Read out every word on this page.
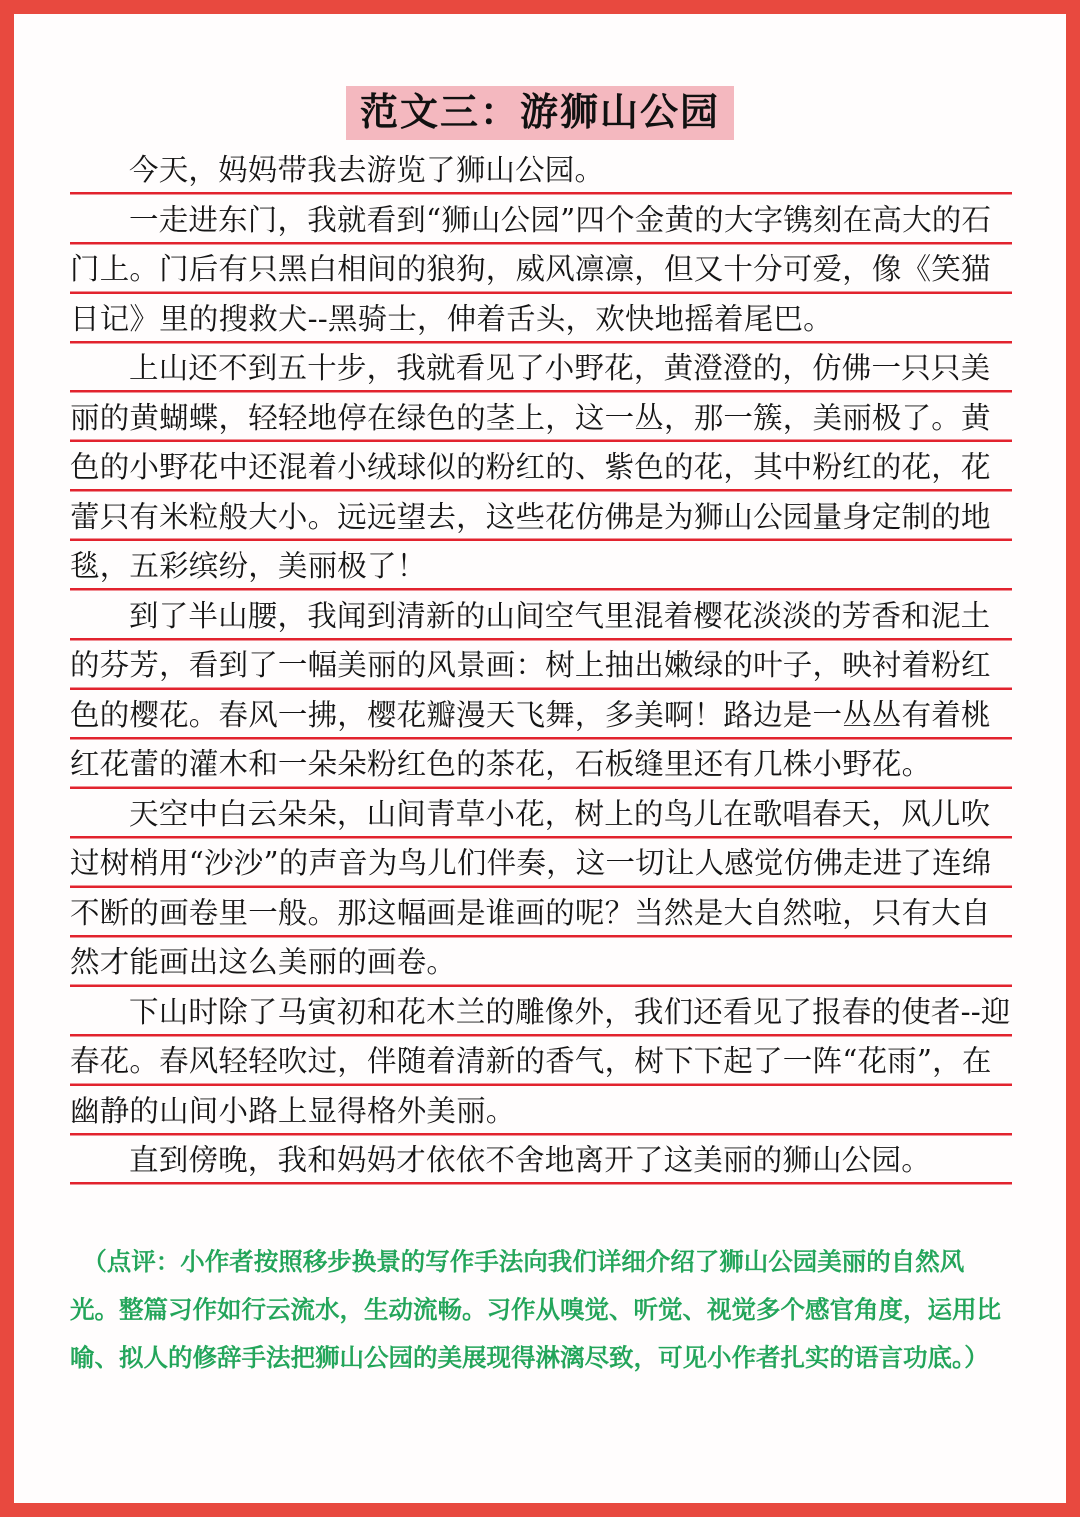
范文三：游狮山公园

今天，妈妈带我去游览了狮山公园。

一走进东门，我就看到“狮山公园”四个金黄的大字镌刻在高大的石门上。门后有只黑白相间的狼狗，威风凛凛，但又十分可爱，像《笑猫日记》里的搜救犬--黑骑士，伸着舌头，欢快地摇着尾巴。

上山还不到五十步，我就看见了小野花，黄澄澄的，仿佛一只只美丽的黄蝴蝶，轻轻地停在绿色的茎上，这一丛，那一簇，美丽极了。黄色的小野花中还混着小绒球似的粉红的、紫色的花，其中粉红的花，花蕾只有米粒般大小。远远望去，这些花仿佛是为狮山公园量身定制的地毯，五彩缤纷，美丽极了！

到了半山腰，我闻到清新的山间空气里混着樱花淡淡的芳香和泥土的芬芳，看到了一幅美丽的风景画：树上抽出嫩绿的叶子，映衬着粉红色的樱花。春风一拂，樱花瓣漫天飞舞，多美啊！路边是一丛丛有着桃红花蕾的灌木和一朵朵粉红色的茶花，石板缝里还有几株小野花。

天空中白云朵朵，山间青草小花，树上的鸟儿在歌唱春天，风儿吹过树梢用“沙沙”的声音为鸟儿们伴奏，这一切让人感觉仿佛走进了连绵不断的画卷里一般。那这幅画是谁画的呢？当然是大自然啦，只有大自然才能画出这么美丽的画卷。

下山时除了马寅初和花木兰的雕像外，我们还看见了报春的使者--迎春花。春风轻轻吹过，伴随着清新的香气，树下下起了一阵“花雨”，在幽静的山间小路上显得格外美丽。

直到傍晚，我和妈妈才依依不舍地离开了这美丽的狮山公园。

（点评：小作者按照移步换景的写作手法向我们详细介绍了狮山公园美丽的自然风光。整篇习作如行云流水，生动流畅。习作从嗅觉、听觉、视觉多个感官角度，运用比喻、拟人的修辞手法把狮山公园的美展现得淋漓尽致，可见小作者扎实的语言功底。）
